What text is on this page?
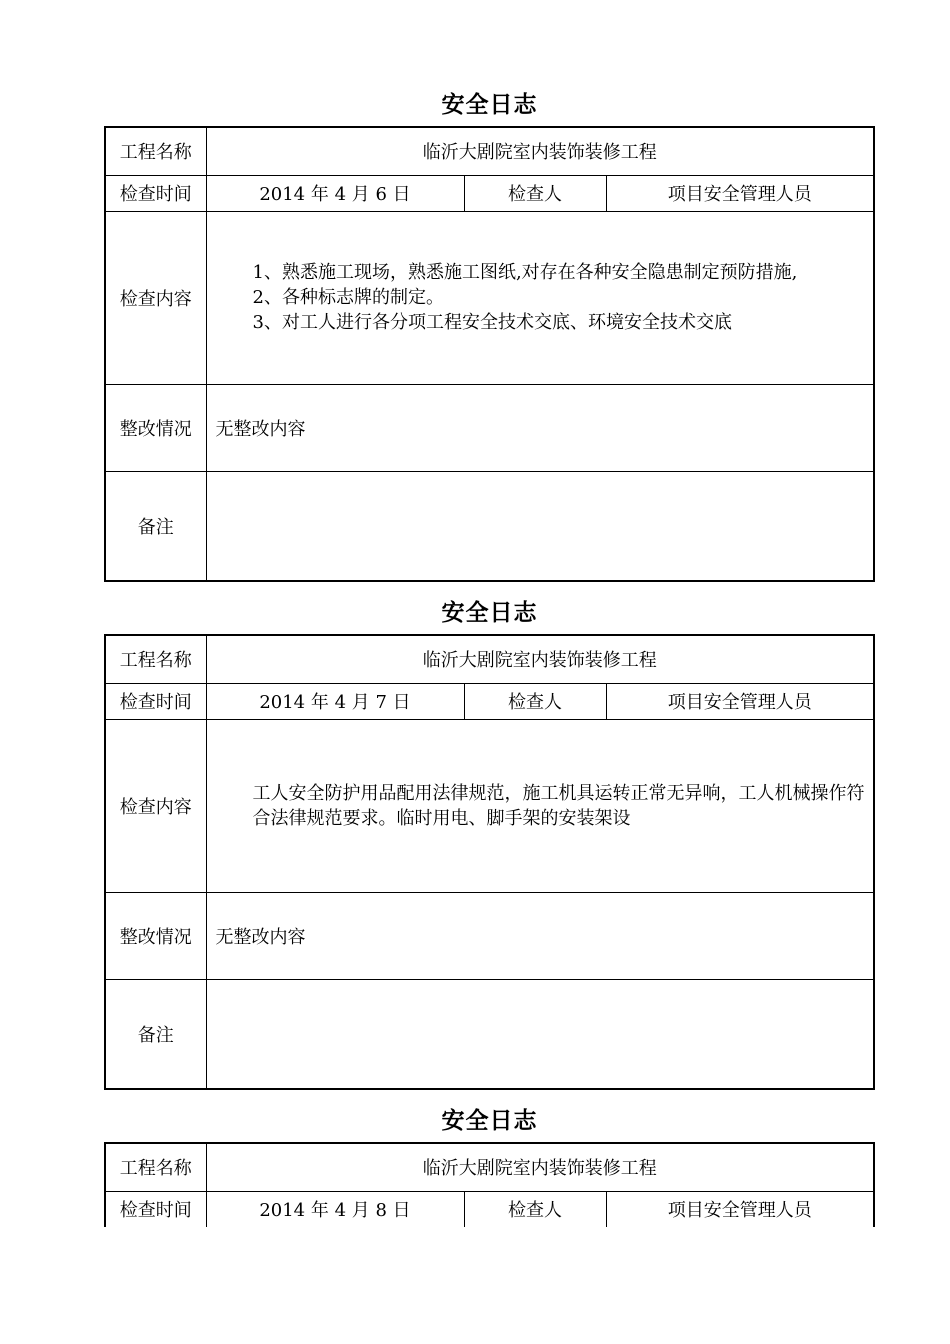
安全日志
工程名称	临沂大剧院室内装饰装修工程		
检查时间	2014 年 4 月 6 日	检查人	项目安全管理人员
检查内容	1、熟悉施工现场，熟悉施工图纸,对存在各种安全隐患制定预防措施,
2、各种标志牌的制定。
3、对工人进行各分项工程安全技术交底、环境安全技术交底		

整改情况	无整改内容		
备注			
安全日志
工程名称	临沂大剧院室内装饰装修工程		
检查时间	2014 年 4 月 7 日	检查人	项目安全管理人员
检查内容	工人安全防护用品配用法律规范，施工机具运转正常无异响，工人机械操作符合法律规范要求。临时用电、脚手架的安装架设		

整改情况	无整改内容		
备注			
安全日志
工程名称	临沂大剧院室内装饰装修工程		
检查时间	2014 年 4 月 8 日	检查人	项目安全管理人员
